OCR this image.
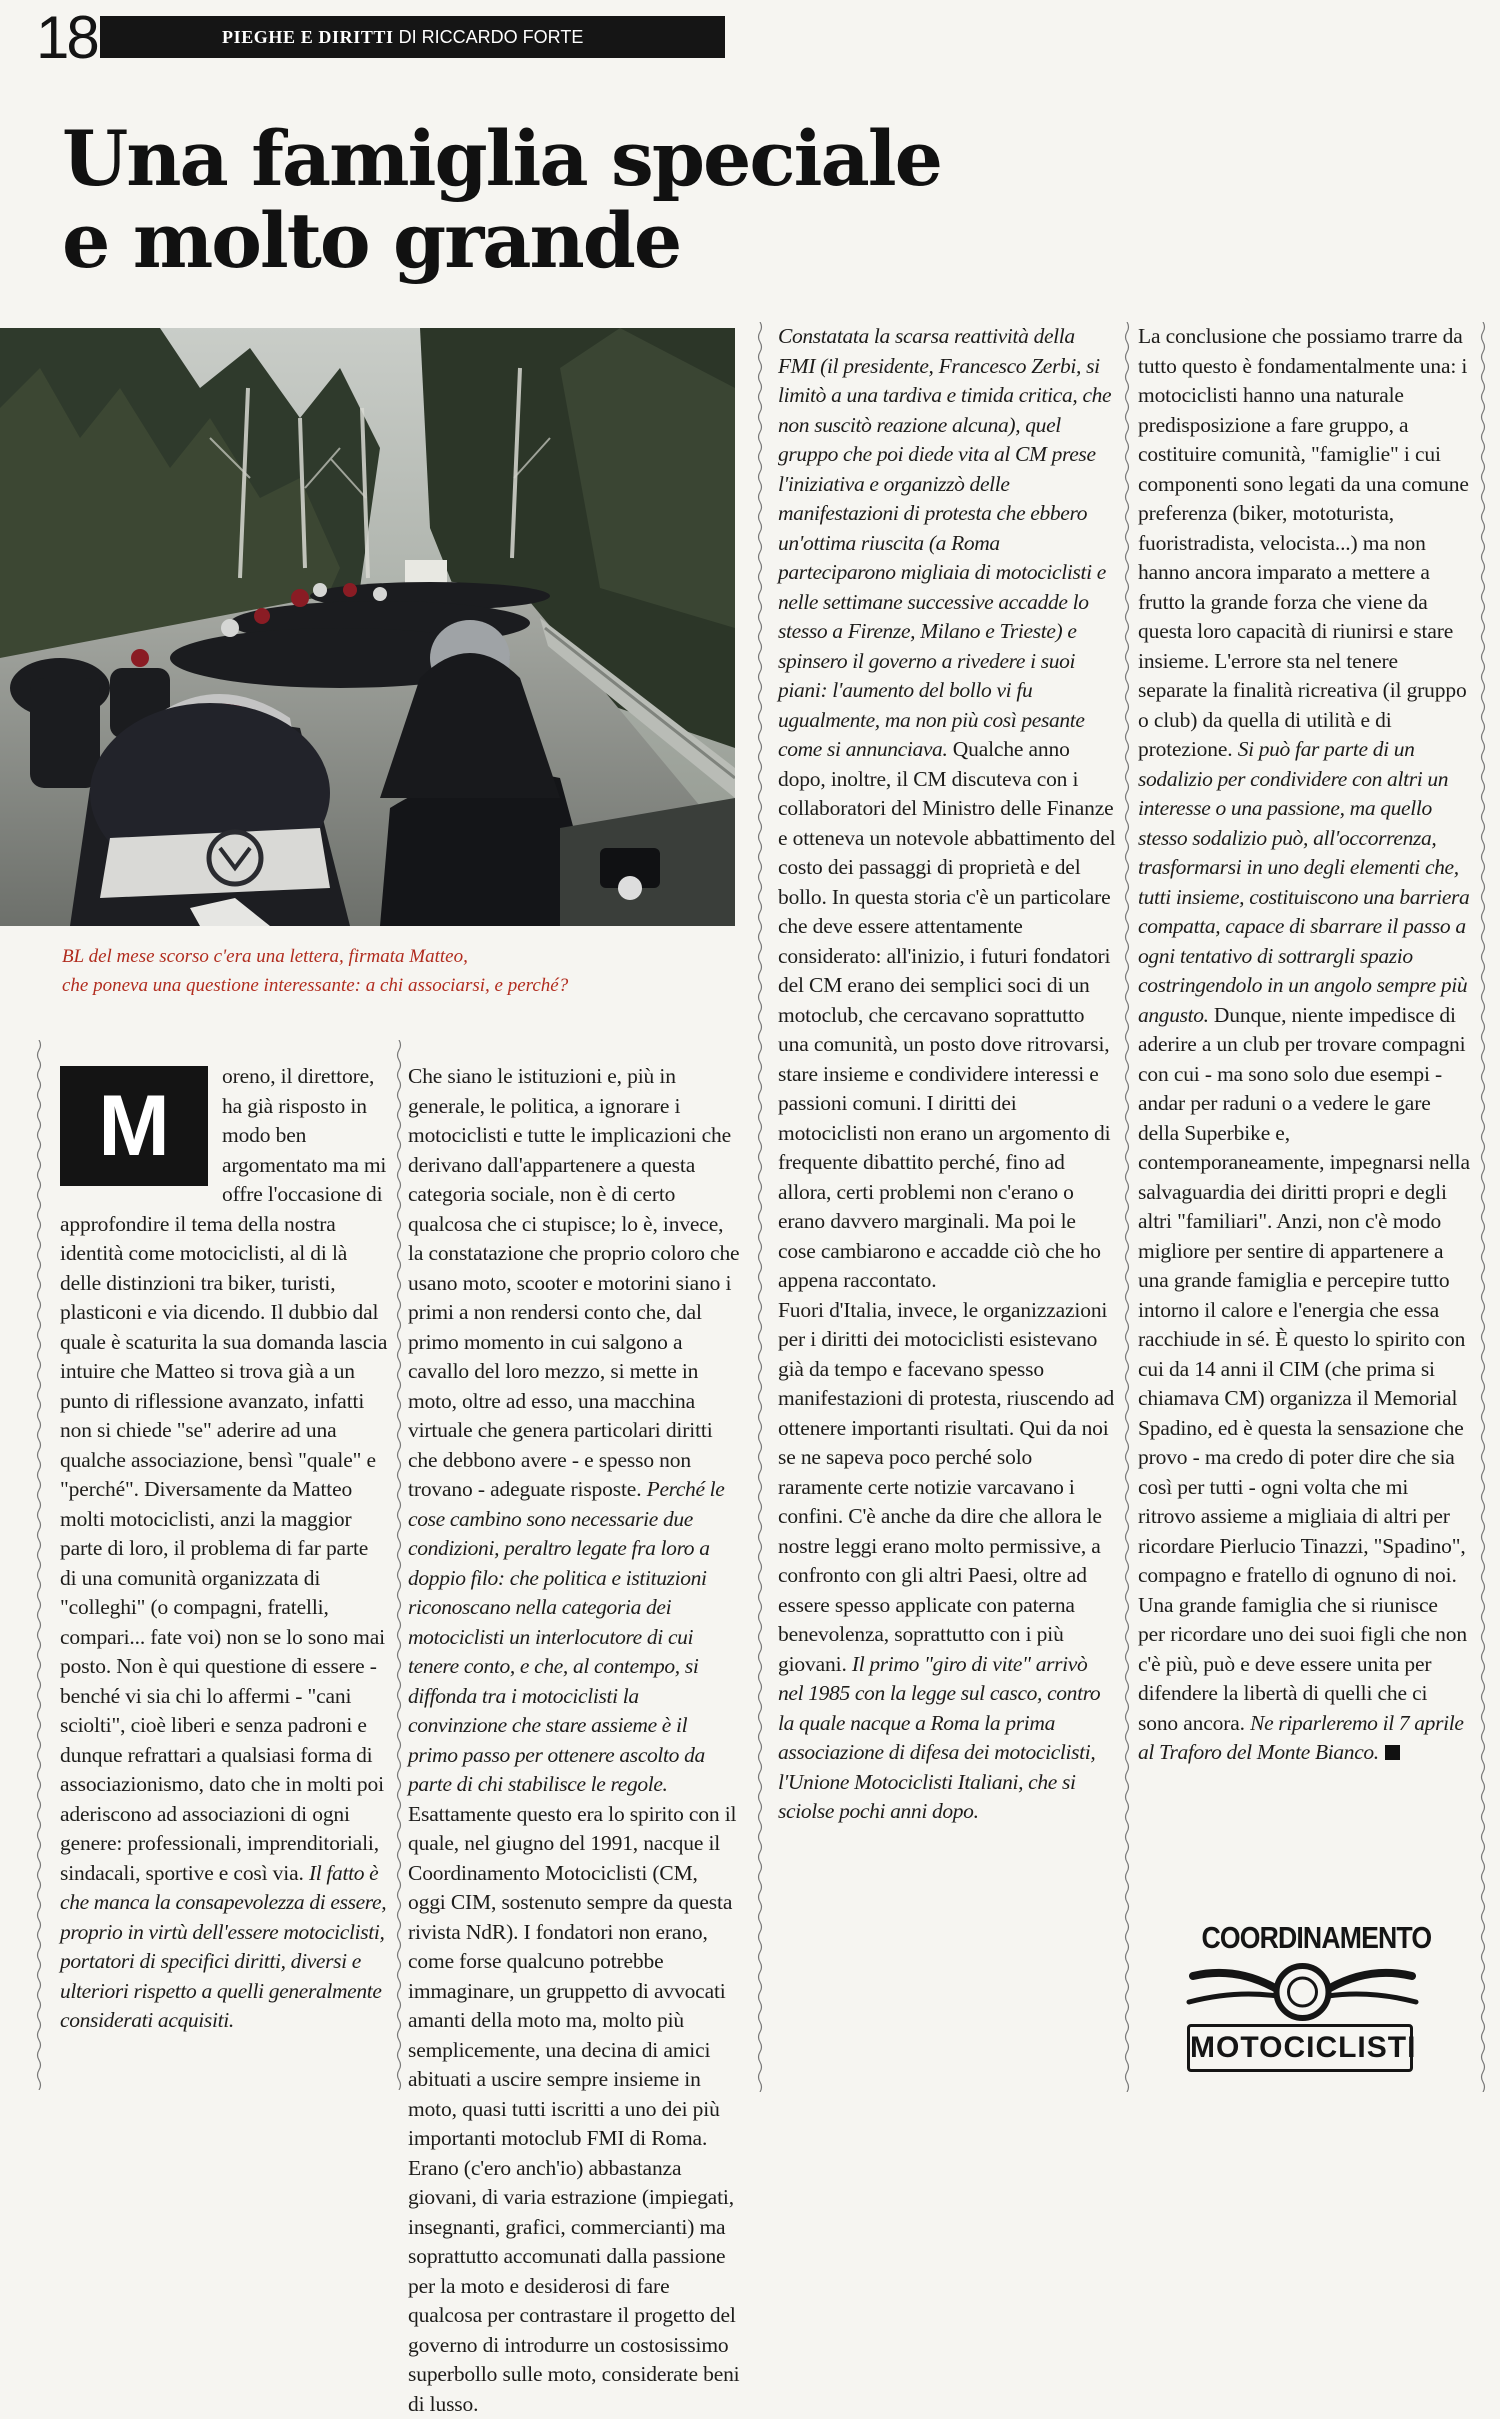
18	PIEGHE E DIRITTI DI RICCARDO FORTE
Una famiglia speciale
e molto grande
BL del mese scorso c'era una lettera, firmata Matteo,
che poneva una questione interessante: a chi associarsi, e perché?

M
oreno, il direttore, ha già risposto in modo ben argomentato ma mi offre l'occasione di approfondire il tema della nostra identità come motociclisti, al di là delle distinzioni tra biker, turisti, plasticoni e via dicendo. Il dubbio dal quale è scaturita la sua domanda lascia intuire che Matteo si trova già a un punto di riflessione avanzato, infatti non si chiede "se" aderire ad una qualche associazione, bensì "quale" e "perché". Diversamente da Matteo molti motociclisti, anzi la maggior parte di loro, il problema di far parte di una comunità organizzata di "colleghi" (o compagni, fratelli, compari... fate voi) non se lo sono mai posto. Non è qui questione di essere - benché vi sia chi lo affermi - "cani sciolti", cioè liberi e senza padroni e dunque refrattari a qualsiasi forma di associazionismo, dato che in molti poi aderiscono ad associazioni di ogni genere: professionali, imprenditoriali, sindacali, sportive e così via. Il fatto è che manca la consapevolezza di essere, proprio in virtù dell'essere motociclisti, portatori di specifici diritti, diversi e ulteriori rispetto a quelli generalmente considerati acquisiti.

Che siano le istituzioni e, più in generale, le politica, a ignorare i motociclisti e tutte le implicazioni che derivano dall'appartenere a questa categoria sociale, non è di certo qualcosa che ci stupisce; lo è, invece, la constatazione che proprio coloro che usano moto, scooter e motorini siano i primi a non rendersi conto che, dal primo momento in cui salgono a cavallo del loro mezzo, si mette in moto, oltre ad esso, una macchina virtuale che genera particolari diritti che debbono avere - e spesso non trovano - adeguate risposte. Perché le cose cambino sono necessarie due condizioni, peraltro legate fra loro a doppio filo: che politica e istituzioni riconoscano nella categoria dei motociclisti un interlocutore di cui tenere conto, e che, al contempo, si diffonda tra i motociclisti la convinzione che stare assieme è il primo passo per ottenere ascolto da parte di chi stabilisce le regole. Esattamente questo era lo spirito con il quale, nel giugno del 1991, nacque il Coordinamento Motociclisti (CM, oggi CIM, sostenuto sempre da questa rivista NdR). I fondatori non erano, come forse qualcuno potrebbe immaginare, un gruppetto di avvocati amanti della moto ma, molto più semplicemente, una decina di amici abituati a uscire sempre insieme in moto, quasi tutti iscritti a uno dei più importanti motoclub FMI di Roma. Erano (c'ero anch'io) abbastanza giovani, di varia estrazione (impiegati, insegnanti, grafici, commercianti) ma soprattutto accomunati dalla passione per la moto e desiderosi di fare qualcosa per contrastare il progetto del governo di introdurre un costosissimo superbollo sulle moto, considerate beni di lusso.

Constatata la scarsa reattività della FMI (il presidente, Francesco Zerbi, si limitò a una tardiva e timida critica, che non suscitò reazione alcuna), quel gruppo che poi diede vita al CM prese l'iniziativa e organizzò delle manifestazioni di protesta che ebbero un'ottima riuscita (a Roma parteciparono migliaia di motociclisti e nelle settimane successive accadde lo stesso a Firenze, Milano e Trieste) e spinsero il governo a rivedere i suoi piani: l'aumento del bollo vi fu ugualmente, ma non più così pesante come si annunciava. Qualche anno dopo, inoltre, il CM discuteva con i collaboratori del Ministro delle Finanze e otteneva un notevole abbattimento del costo dei passaggi di proprietà e del bollo. In questa storia c'è un particolare che deve essere attentamente considerato: all'inizio, i futuri fondatori del CM erano dei semplici soci di un motoclub, che cercavano soprattutto una comunità, un posto dove ritrovarsi, stare insieme e condividere interessi e passioni comuni. I diritti dei motociclisti non erano un argomento di frequente dibattito perché, fino ad allora, certi problemi non c'erano o erano davvero marginali. Ma poi le cose cambiarono e accadde ciò che ho appena raccontato.

Fuori d'Italia, invece, le organizzazioni per i diritti dei motociclisti esistevano già da tempo e facevano spesso manifestazioni di protesta, riuscendo ad ottenere importanti risultati. Qui da noi se ne sapeva poco perché solo raramente certe notizie varcavano i confini. C'è anche da dire che allora le nostre leggi erano molto permissive, a confronto con gli altri Paesi, oltre ad essere spesso applicate con paterna benevolenza, soprattutto con i più giovani. Il primo "giro di vite" arrivò nel 1985 con la legge sul casco, contro la quale nacque a Roma la prima associazione di difesa dei motociclisti, l'Unione Motociclisti Italiani, che si sciolse pochi anni dopo.

La conclusione che possiamo trarre da tutto questo è fondamentalmente una: i motociclisti hanno una naturale predisposizione a fare gruppo, a costituire comunità, "famiglie" i cui componenti sono legati da una comune preferenza (biker, mototurista, fuoristradista, velocista...) ma non hanno ancora imparato a mettere a frutto la grande forza che viene da questa loro capacità di riunirsi e stare insieme. L'errore sta nel tenere separate la finalità ricreativa (il gruppo o club) da quella di utilità e di protezione. Si può far parte di un sodalizio per condividere con altri un interesse o una passione, ma quello stesso sodalizio può, all'occorrenza, trasformarsi in uno degli elementi che, tutti insieme, costituiscono una barriera compatta, capace di sbarrare il passo a ogni tentativo di sottrargli spazio costringendolo in un angolo sempre più angusto. Dunque, niente impedisce di aderire a un club per trovare compagni con cui - ma sono solo due esempi - andar per raduni o a vedere le gare della Superbike e, contemporaneamente, impegnarsi nella salvaguardia dei diritti propri e degli altri "familiari". Anzi, non c'è modo migliore per sentire di appartenere a una grande famiglia e percepire tutto intorno il calore e l'energia che essa racchiude in sé. È questo lo spirito con cui da 14 anni il CIM (che prima si chiamava CM) organizza il Memorial Spadino, ed è questa la sensazione che provo - ma credo di poter dire che sia così per tutti - ogni volta che mi ritrovo assieme a migliaia di altri per ricordare Pierlucio Tinazzi, "Spadino", compagno e fratello di ognuno di noi. Una grande famiglia che si riunisce per ricordare uno dei suoi figli che non c'è più, può e deve essere unita per difendere la libertà di quelli che ci sono ancora. Ne riparleremo il 7 aprile al Traforo del Monte Bianco.

COORDINAMENTO
MOTOCICLISTI
